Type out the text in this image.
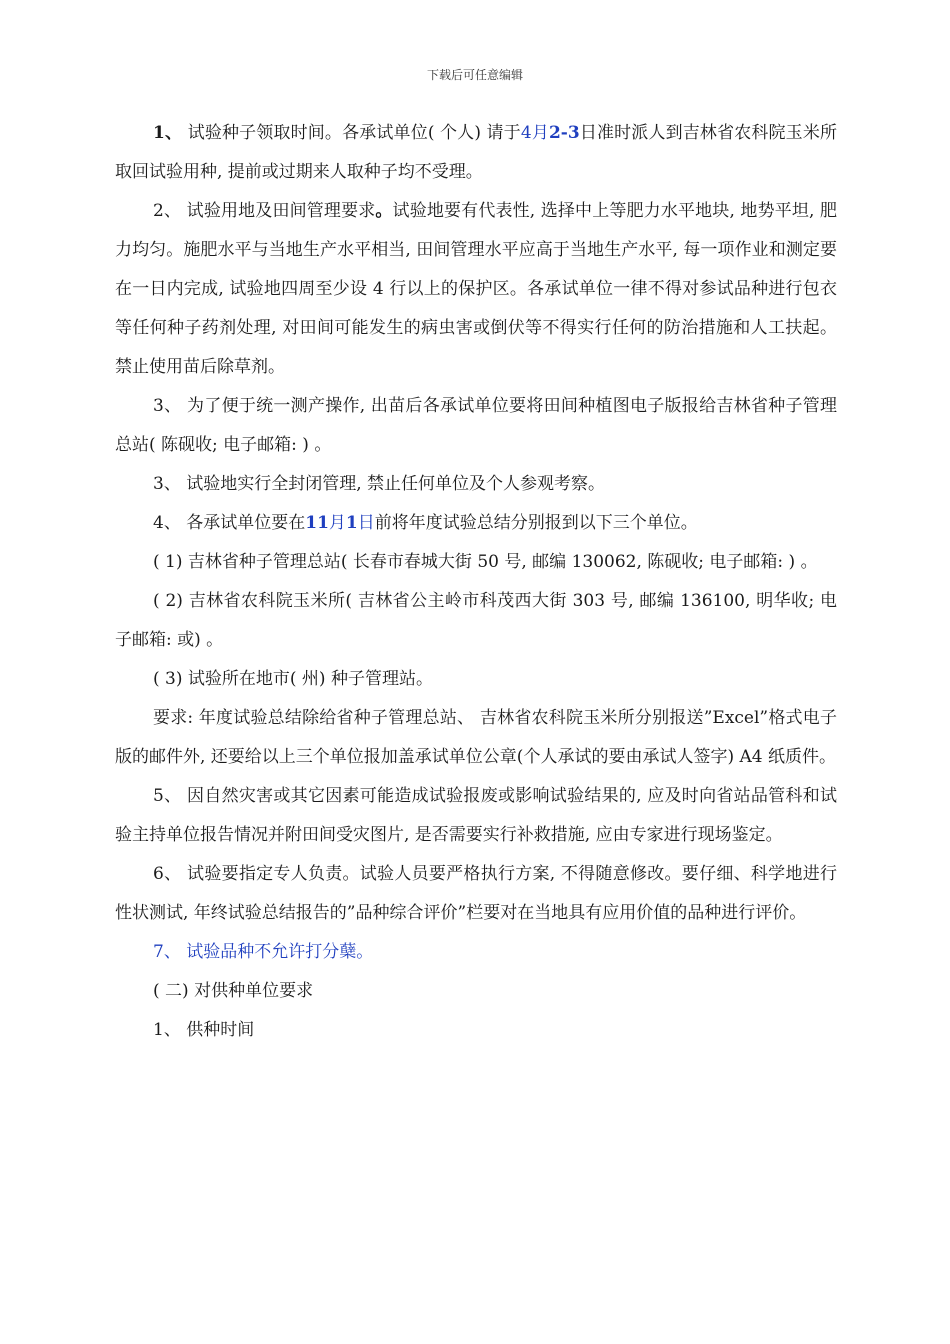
下载后可任意编辑

1、 试验种子领取时间。各承试单位( 个人) 请于4月2-3日准时派人到吉林省农科院玉米所取回试验用种, 提前或过期来人取种子均不受理。

2、 试验用地及田间管理要求。试验地要有代表性, 选择中上等肥力水平地块, 地势平坦, 肥力均匀。施肥水平与当地生产水平相当, 田间管理水平应高于当地生产水平, 每一项作业和测定要在一日内完成, 试验地四周至少设 4 行以上的保护区。各承试单位一律不得对参试品种进行包衣等任何种子药剂处理, 对田间可能发生的病虫害或倒伏等不得实行任何的防治措施和人工扶起。禁止使用苗后除草剂。

3、 为了便于统一测产操作, 出苗后各承试单位要将田间种植图电子版报给吉林省种子管理总站( 陈砚收; 电子邮箱: ) 。

3、 试验地实行全封闭管理, 禁止任何单位及个人参观考察。

4、 各承试单位要在11月1日前将年度试验总结分别报到以下三个单位。

( 1) 吉林省种子管理总站( 长春市春城大街 50 号, 邮编 130062, 陈砚收; 电子邮箱: ) 。

( 2) 吉林省农科院玉米所( 吉林省公主岭市科茂西大街 303 号, 邮编 136100, 明华收; 电子邮箱: 或) 。

( 3) 试验所在地市( 州) 种子管理站。

要求: 年度试验总结除给省种子管理总站、 吉林省农科院玉米所分别报送”Excel”格式电子版的邮件外, 还要给以上三个单位报加盖承试单位公章(个人承试的要由承试人签字) A4 纸质件。

5、 因自然灾害或其它因素可能造成试验报废或影响试验结果的, 应及时向省站品管科和试验主持单位报告情况并附田间受灾图片, 是否需要实行补救措施, 应由专家进行现场鉴定。

6、 试验要指定专人负责。试验人员要严格执行方案, 不得随意修改。要仔细、科学地进行性状测试, 年终试验总结报告的”品种综合评价”栏要对在当地具有应用价值的品种进行评价。

7、 试验品种不允许打分蘖。

( 二) 对供种单位要求

1、 供种时间
